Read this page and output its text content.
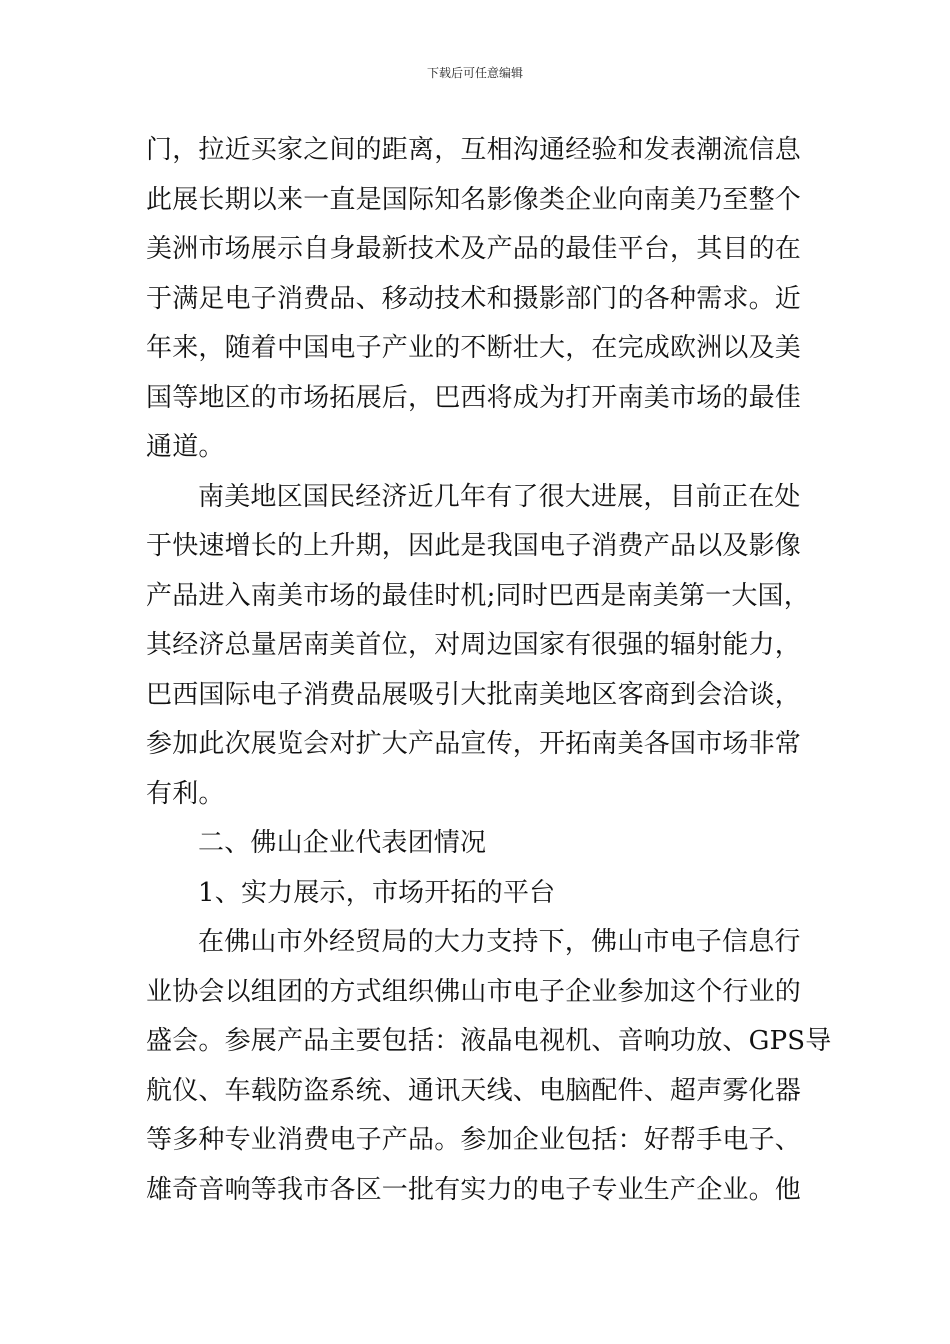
下载后可任意编辑
门，拉近买家之间的距离，互相沟通经验和发表潮流信息
此展长期以来一直是国际知名影像类企业向南美乃至整个
美洲市场展示自身最新技术及产品的最佳平台，其目的在
于满足电子消费品、移动技术和摄影部门的各种需求。近
年来，随着中国电子产业的不断壮大，在完成欧洲以及美
国等地区的市场拓展后，巴西将成为打开南美市场的最佳
通道。
南美地区国民经济近几年有了很大进展，目前正在处
于快速增长的上升期，因此是我国电子消费产品以及影像
产品进入南美市场的最佳时机;同时巴西是南美第一大国，
其经济总量居南美首位，对周边国家有很强的辐射能力，
巴西国际电子消费品展吸引大批南美地区客商到会洽谈，
参加此次展览会对扩大产品宣传，开拓南美各国市场非常
有利。
二、佛山企业代表团情况
1、实力展示，市场开拓的平台
在佛山市外经贸局的大力支持下，佛山市电子信息行
业协会以组团的方式组织佛山市电子企业参加这个行业的
盛会。参展产品主要包括：液晶电视机、音响功放、GPS导
航仪、车载防盗系统、通讯天线、电脑配件、超声雾化器
等多种专业消费电子产品。参加企业包括：好帮手电子、
雄奇音响等我市各区一批有实力的电子专业生产企业。他
